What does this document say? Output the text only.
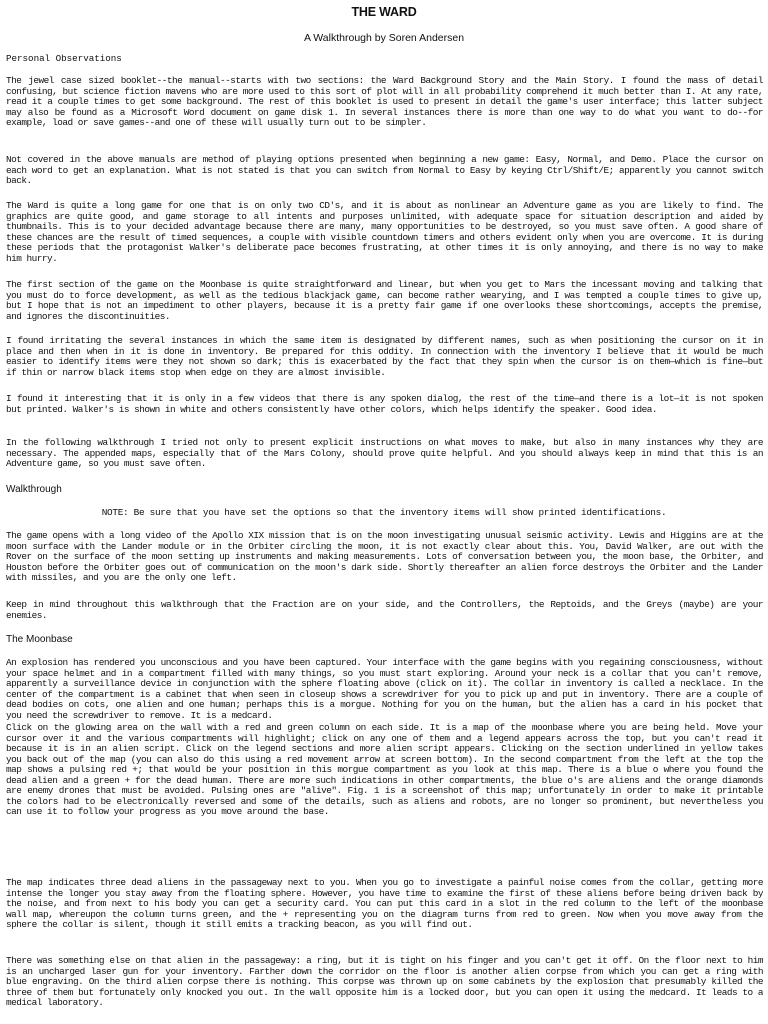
THE WARD
A Walkthrough by Soren Andersen
Personal Observations

The jewel case sized booklet--the manual--starts with two sections: the Ward Background Story and the Main Story. I found the mass of detail confusing, but science fiction mavens who are more used to this sort of plot will in all probability comprehend it much better than I. At any rate, read it a couple times to get some background. The rest of this booklet is used to present in detail the game's user interface; this latter subject may also be found as a Microsoft Word document on game disk 1. In several instances there is more than one way to do what you want to do--for example, load or save games--and one of these will usually turn out to be simpler.

Not covered in the above manuals are method of playing options presented when beginning a new game: Easy, Normal, and Demo. Place the cursor on each word to get an explanation. What is not stated is that you can switch from Normal to Easy by keying Ctrl/Shift/E; apparently you cannot switch back.

The Ward is quite a long game for one that is on only two CD's, and it is about as nonlinear an Adventure game as you are likely to find. The graphics are quite good, and game storage to all intents and purposes unlimited, with adequate space for situation description and aided by thumbnails. This is to your decided advantage because there are many, many opportunities to be destroyed, so you must save often. A good share of these chances are the result of timed sequences, a couple with visible countdown timers and others evident only when you are overcome. It is during these periods that the protagonist Walker's deliberate pace becomes frustrating, at other times it is only annoying, and there is no way to make him hurry.

The first section of the game on the Moonbase is quite straightforward and linear, but when you get to Mars the incessant moving and talking that you must do to force development, as well as the tedious blackjack game, can become rather wearying, and I was tempted a couple times to give up, but I hope that is not an impediment to other players, because it is a pretty fair game if one overlooks these shortcomings, accepts the premise, and ignores the discontinuities.

I found irritating the several instances in which the same item is designated by different names, such as when positioning the cursor on it in place and then when in it is done in inventory. Be prepared for this oddity. In connection with the inventory I believe that it would be much easier to identify items were they not shown so dark; this is exacerbated by the fact that they spin when the cursor is on them—which is fine—but if thin or narrow black items stop when edge on they are almost invisible.

I found it interesting that it is only in a few videos that there is any spoken dialog, the rest of the time—and there is a lot—it is not spoken but printed. Walker's is shown in white and others consistently have other colors, which helps identify the speaker. Good idea.

In the following walkthrough I tried not only to present explicit instructions on what moves to make, but also in many instances why they are necessary. The appended maps, especially that of the Mars Colony, should prove quite helpful. And you should always keep in mind that this is an Adventure game, so you must save often.

Walkthrough
NOTE: Be sure that you have set the options so that the inventory items will show printed identifications.

The game opens with a long video of the Apollo XIX mission that is on the moon investigating unusual seismic activity. Lewis and Higgins are at the moon surface with the Lander module or in the Orbiter circling the moon, it is not exactly clear about this. You, David Walker, are out with the Rover on the surface of the moon setting up instruments and making measurements. Lots of conversation between you, the moon base, the Orbiter, and Houston before the Orbiter goes out of communication on the moon's dark side. Shortly thereafter an alien force destroys the Orbiter and the Lander with missiles, and you are the only one left.

Keep in mind throughout this walkthrough that the Fraction are on your side, and the Controllers, the Reptoids, and the Greys (maybe) are your enemies.

The Moonbase

An explosion has rendered you unconscious and you have been captured. Your interface with the game begins with you regaining consciousness, without your space helmet and in a compartment filled with many things, so you must start exploring. Around your neck is a collar that you can't remove, apparently a surveillance device in conjunction with the sphere floating above (click on it). The collar in inventory is called a necklace. In the center of the compartment is a cabinet that when seen in closeup shows a screwdriver for you to pick up and put in inventory. There are a couple of dead bodies on cots, one alien and one human; perhaps this is a morgue. Nothing for you on the human, but the alien has a card in his pocket that you need the screwdriver to remove. It is a medcard.

Click on the glowing area on the wall with a red and green column on each side. It is a map of the moonbase where you are being held. Move your cursor over it and the various compartments will highlight; click on any one of them and a legend appears across the top, but you can't read it because it is in an alien script. Click on the legend sections and more alien script appears. Clicking on the section underlined in yellow takes you back out of the map (you can also do this using a red movement arrow at screen bottom). In the second compartment from the left at the top the map shows a pulsing red +; that would be your position in this morgue compartment as you look at this map. There is a blue o where you found the dead alien and a green + for the dead human. There are more such indications in other compartments, the blue o's are aliens and the orange diamonds are enemy drones that must be avoided. Pulsing ones are "alive". Fig. 1 is a screenshot of this map; unfortunately in order to make it printable the colors had to be electronically reversed and some of the details, such as aliens and robots, are no longer so prominent, but nevertheless you can use it to follow your progress as you move around the base.

The map indicates three dead aliens in the passageway next to you. When you go to investigate a painful noise comes from the collar, getting more intense the longer you stay away from the floating sphere. However, you have time to examine the first of these aliens before being driven back by the noise, and from next to his body you can get a security card. You can put this card in a slot in the red column to the left of the moonbase wall map, whereupon the column turns green, and the + representing you on the diagram turns from red to green. Now when you move away from the sphere the collar is silent, though it still emits a tracking beacon, as you will find out.

There was something else on that alien in the passageway: a ring, but it is tight on his finger and you can't get it off. On the floor next to him is an uncharged laser gun for your inventory. Farther down the corridor on the floor is another alien corpse from which you can get a ring with blue engraving. On the third alien corpse there is nothing. This corpse was thrown up on some cabinets by the explosion that presumably killed the three of them but fortunately only knocked you out. In the wall opposite him is a locked door, but you can open it using the medcard. It leads to a medical laboratory.
